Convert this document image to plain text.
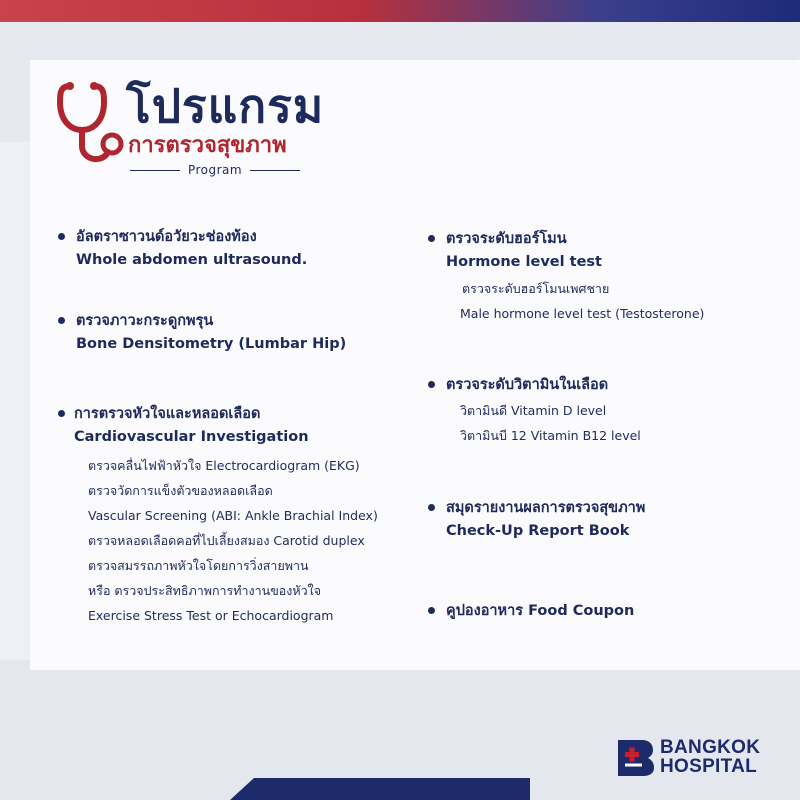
โปรแกรม
การตรวจสุขภาพ
Program
อัลตราซาวนด์อวัยวะช่องท้อง
Whole abdomen ultrasound.
ตรวจภาวะกระดูกพรุน
Bone Densitometry (Lumbar Hip)
การตรวจหัวใจและหลอดเลือด
Cardiovascular Investigation
ตรวจคลื่นไฟฟ้าหัวใจ Electrocardiogram (EKG)
ตรวจวัดการแข็งตัวของหลอดเลือด
Vascular Screening (ABI: Ankle Brachial Index)
ตรวจหลอดเลือดคอที่ไปเลี้ยงสมอง Carotid duplex
ตรวจสมรรถภาพหัวใจโดยการวิ่งสายพาน
หรือ ตรวจประสิทธิภาพการทำงานของหัวใจ
Exercise Stress Test or Echocardiogram
ตรวจระดับฮอร์โมน
Hormone level test
ตรวจระดับฮอร์โมนเพศชาย
Male hormone level test (Testosterone)
ตรวจระดับวิตามินในเลือด
วิตามินดี Vitamin D level
วิตามินบี 12 Vitamin B12 level
สมุดรายงานผลการตรวจสุขภาพ
Check-Up Report Book
คูปองอาหาร Food Coupon
BANGKOK
HOSPITAL
